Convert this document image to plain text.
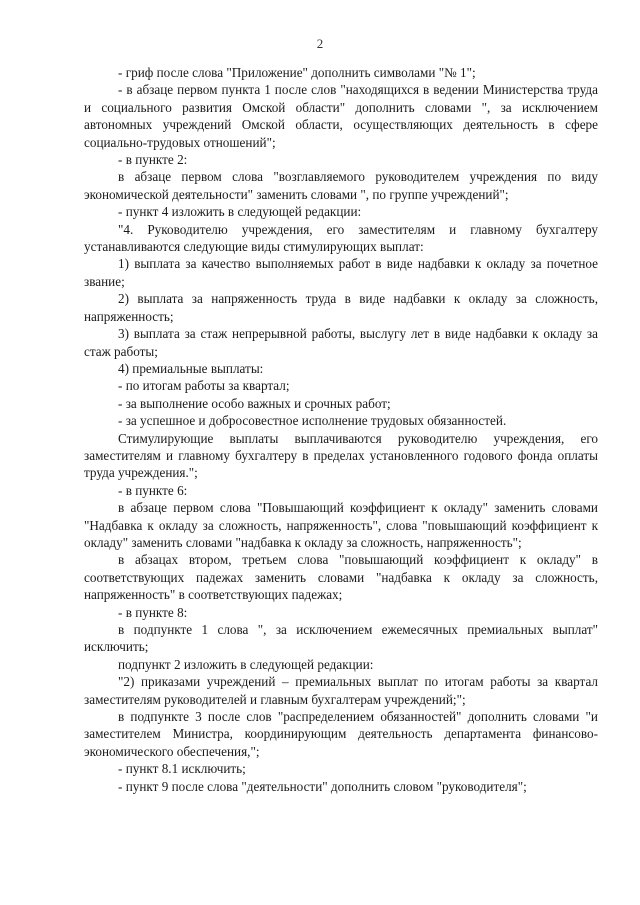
2

- гриф после слова "Приложение" дополнить символами "№ 1";

- в абзаце первом пункта 1 после слов "находящихся в ведении Министерства труда и социального развития Омской области" дополнить словами ", за исключением автономных учреждений Омской области, осуществляющих деятельность в сфере социально-трудовых отношений";

- в пункте 2:

в абзаце первом слова "возглавляемого руководителем учреждения по виду экономической деятельности" заменить словами ", по группе учреждений";

- пункт 4 изложить в следующей редакции:

"4. Руководителю учреждения, его заместителям и главному бухгалтеру устанавливаются следующие виды стимулирующих выплат:

1) выплата за качество выполняемых работ в виде надбавки к окладу за почетное звание;

2) выплата за напряженность труда в виде надбавки к окладу за сложность, напряженность;

3) выплата за стаж непрерывной работы, выслугу лет в виде надбавки к окладу за стаж работы;

4) премиальные выплаты:

- по итогам работы за квартал;

- за выполнение особо важных и срочных работ;

- за успешное и добросовестное исполнение трудовых обязанностей.

Стимулирующие выплаты выплачиваются руководителю учреждения, его заместителям и главному бухгалтеру в пределах установленного годового фонда оплаты труда учреждения.";

- в пункте 6:

в абзаце первом слова "Повышающий коэффициент к окладу" заменить словами "Надбавка к окладу за сложность, напряженность", слова "повышающий коэффициент к окладу" заменить словами "надбавка к окладу за сложность, напряженность";

в абзацах втором, третьем слова "повышающий коэффициент к окладу" в соответствующих падежах заменить словами "надбавка к окладу за сложность, напряженность" в соответствующих падежах;

- в пункте 8:

в подпункте 1 слова ", за исключением ежемесячных премиальных выплат" исключить;

подпункт 2 изложить в следующей редакции:

"2) приказами учреждений – премиальных выплат по итогам работы за квартал заместителям руководителей и главным бухгалтерам учреждений;";

в подпункте 3 после слов "распределением обязанностей" дополнить словами "и заместителем Министра, координирующим деятельность департамента финансово-экономического обеспечения,";

- пункт 8.1 исключить;

- пункт 9 после слова "деятельности" дополнить словом "руководителя";
